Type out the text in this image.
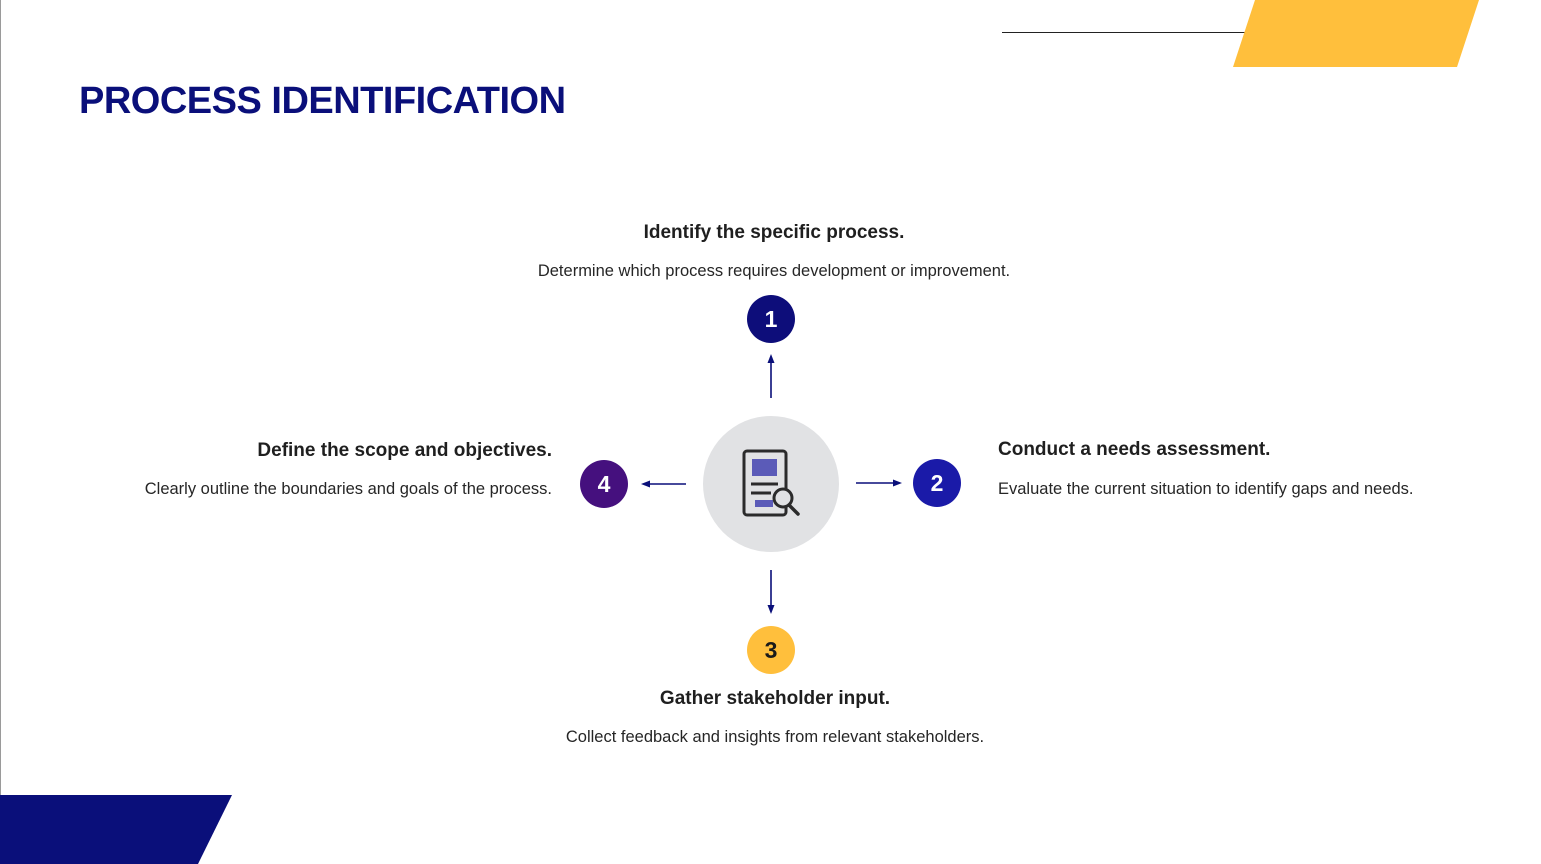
PROCESS IDENTIFICATION

Identify the specific process.

Determine which process requires development or improvement.

1

Conduct a needs assessment.

Evaluate the current situation to identify gaps and needs.

2
3

Gather stakeholder input.

Collect feedback and insights from relevant stakeholders.

Define the scope and objectives.

Clearly outline the boundaries and goals of the process.	4
